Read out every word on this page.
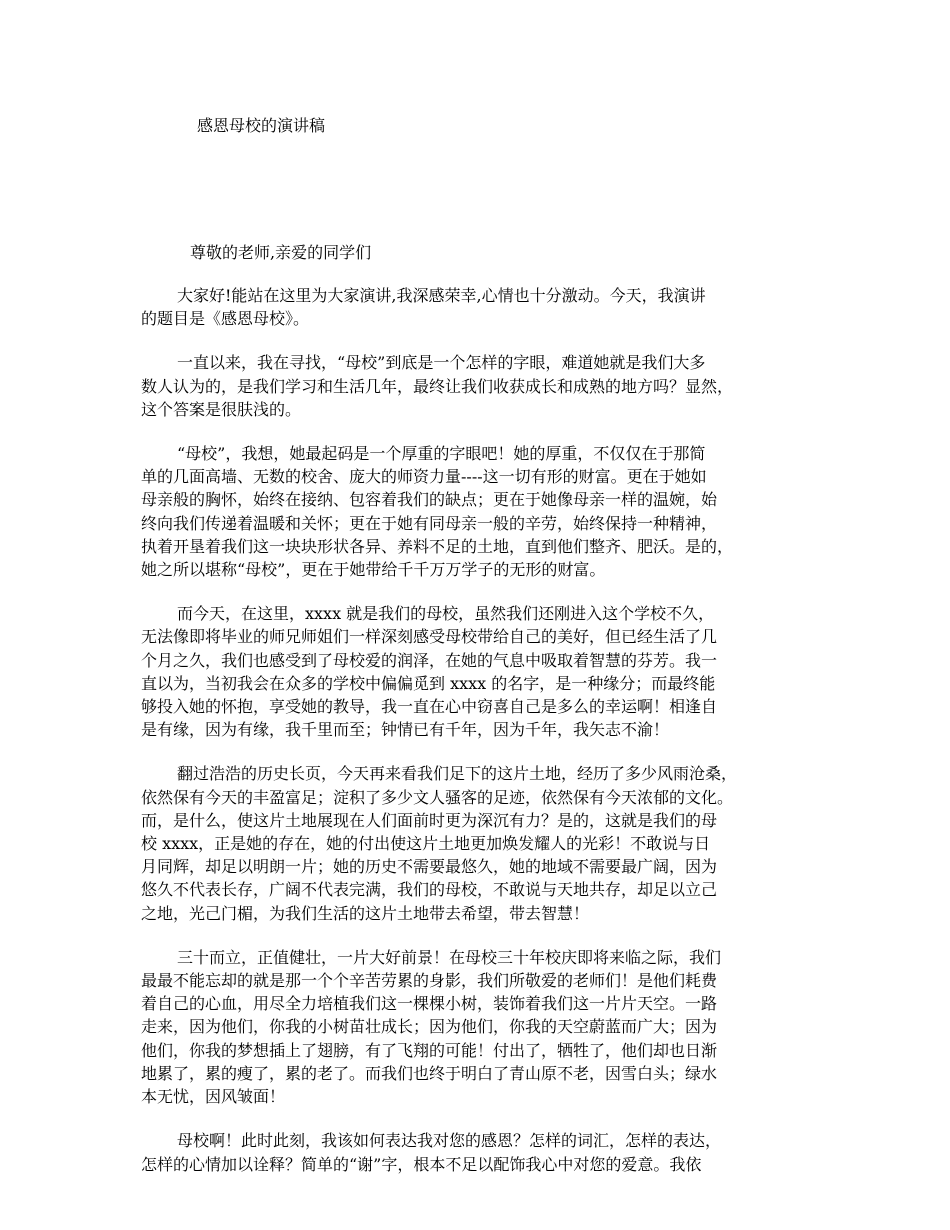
感恩母校的演讲稿
尊敬的老师,亲爱的同学们
大家好!能站在这里为大家演讲,我深感荣幸,心情也十分激动。今天，我演讲
的题目是《感恩母校》。
一直以来，我在寻找，“母校”到底是一个怎样的字眼，难道她就是我们大多
数人认为的，是我们学习和生活几年，最终让我们收获成长和成熟的地方吗？显然，
这个答案是很肤浅的。
“母校”，我想，她最起码是一个厚重的字眼吧！她的厚重，不仅仅在于那简
单的几面高墙、无数的校舍、庞大的师资力量----这一切有形的财富。更在于她如
母亲般的胸怀，始终在接纳、包容着我们的缺点；更在于她像母亲一样的温婉，始
终向我们传递着温暖和关怀；更在于她有同母亲一般的辛劳，始终保持一种精神，
执着开垦着我们这一块块形状各异、养料不足的土地，直到他们整齐、肥沃。是的，
她之所以堪称“母校”，更在于她带给千千万万学子的无形的财富。
而今天，在这里，xxxx 就是我们的母校，虽然我们还刚进入这个学校不久，
无法像即将毕业的师兄师姐们一样深刻感受母校带给自己的美好，但已经生活了几
个月之久，我们也感受到了母校爱的润泽，在她的气息中吸取着智慧的芬芳。我一
直以为，当初我会在众多的学校中偏偏觅到 xxxx 的名字，是一种缘分；而最终能
够投入她的怀抱，享受她的教导，我一直在心中窃喜自己是多么的幸运啊！相逢自
是有缘，因为有缘，我千里而至；钟情已有千年，因为千年，我矢志不渝！
翻过浩浩的历史长页，今天再来看我们足下的这片土地，经历了多少风雨沧桑，
依然保有今天的丰盈富足；淀积了多少文人骚客的足迹，依然保有今天浓郁的文化。
而，是什么，使这片土地展现在人们面前时更为深沉有力？是的，这就是我们的母
校 xxxx，正是她的存在，她的付出使这片土地更加焕发耀人的光彩！不敢说与日
月同辉，却足以明朗一片；她的历史不需要最悠久，她的地域不需要最广阔，因为
悠久不代表长存，广阔不代表完满，我们的母校，不敢说与天地共存，却足以立己
之地，光己门楣，为我们生活的这片土地带去希望，带去智慧！
三十而立，正值健壮，一片大好前景！在母校三十年校庆即将来临之际，我们
最最不能忘却的就是那一个个辛苦劳累的身影，我们所敬爱的老师们！是他们耗费
着自己的心血，用尽全力培植我们这一棵棵小树，装饰着我们这一片片天空。一路
走来，因为他们，你我的小树苗壮成长；因为他们，你我的天空蔚蓝而广大；因为
他们，你我的梦想插上了翅膀，有了飞翔的可能！付出了，牺牲了，他们却也日渐
地累了，累的瘦了，累的老了。而我们也终于明白了青山原不老，因雪白头；绿水
本无忧，因风皱面！
母校啊！此时此刻，我该如何表达我对您的感恩？怎样的词汇，怎样的表达，
怎样的心情加以诠释？简单的“谢”字，根本不足以配饰我心中对您的爱意。我依
